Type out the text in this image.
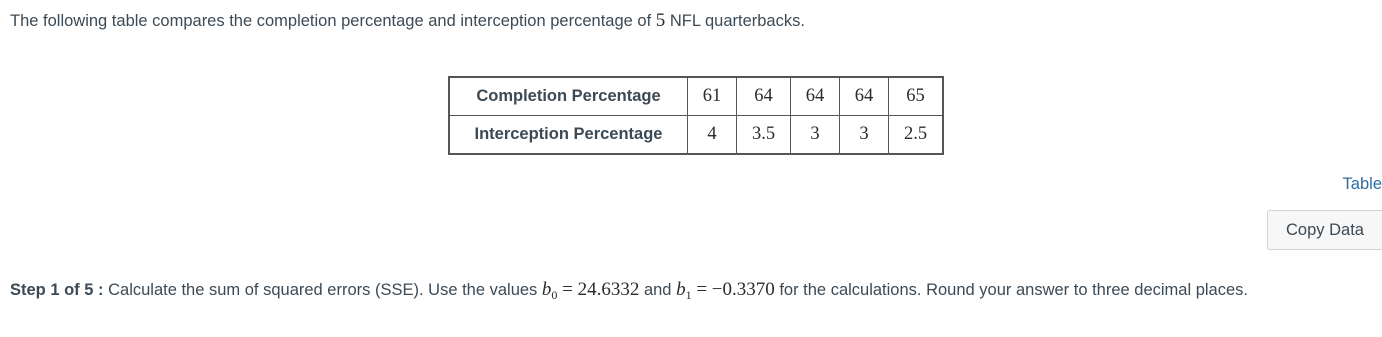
The following table compares the completion percentage and interception percentage of 5 NFL quarterbacks.
Completion Percentage	61	64	64	64	65
Interception Percentage	4	3.5	3	3	2.5
Table
Copy Data
Step 1 of 5 : Calculate the sum of squared errors (SSE). Use the values $b_0 = 24.6332$ and $b_1 = -0.3370$ for the calculations. Round your answer to three decimal places.
